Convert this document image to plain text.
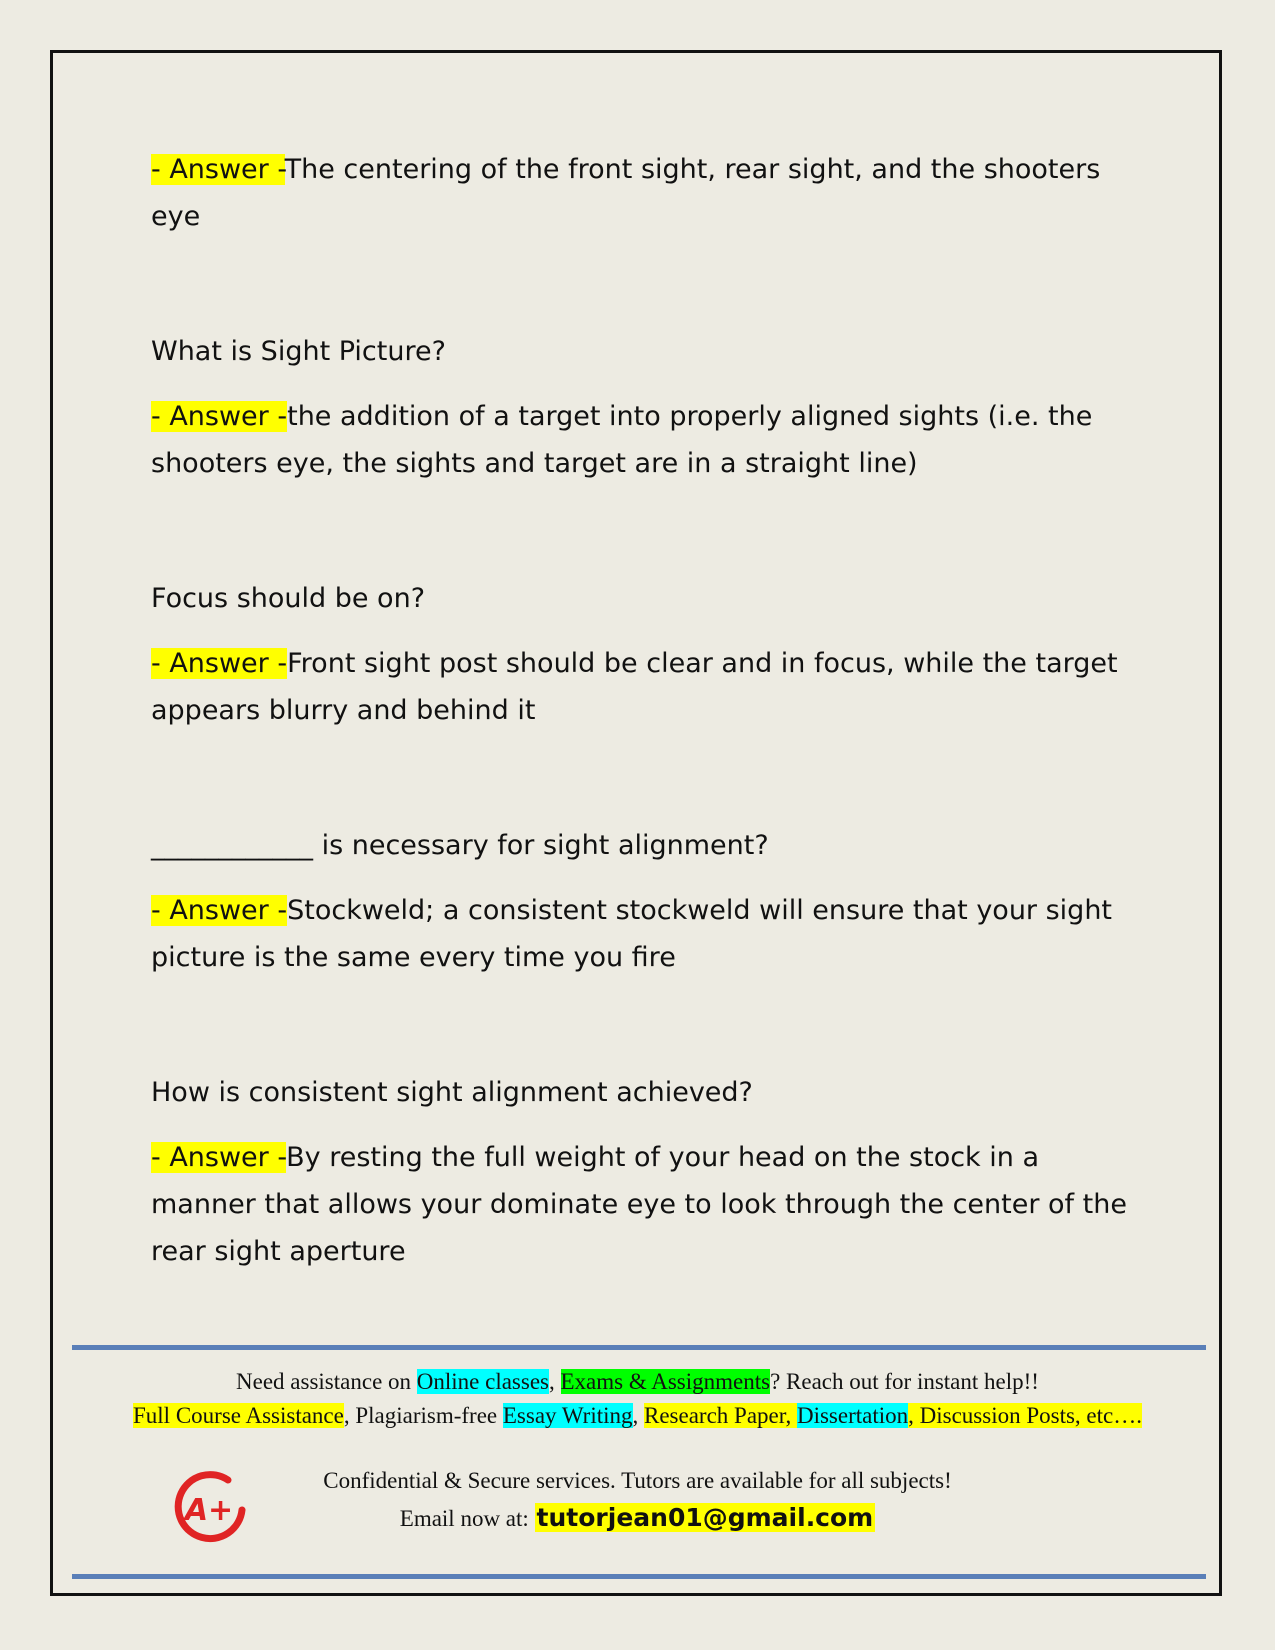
- Answer -The centering of the front sight, rear sight, and the shooters eye

What is Sight Picture?

- Answer -the addition of a target into properly aligned sights (i.e. the shooters eye, the sights and target are in a straight line)

Focus should be on?

- Answer -Front sight post should be clear and in focus, while the target appears blurry and behind it

____________ is necessary for sight alignment?

- Answer -Stockweld; a consistent stockweld will ensure that your sight picture is the same every time you fire

How is consistent sight alignment achieved?

- Answer -By resting the full weight of your head on the stock in a manner that allows your dominate eye to look through the center of the rear sight aperture

Need assistance on Online classes, Exams & Assignments? Reach out for instant help!!
Full Course Assistance, Plagiarism-free Essay Writing, Research Paper, Dissertation, Discussion Posts, etc….
A+
Confidential & Secure services. Tutors are available for all subjects!
Email now at: tutorjean01@gmail.com
